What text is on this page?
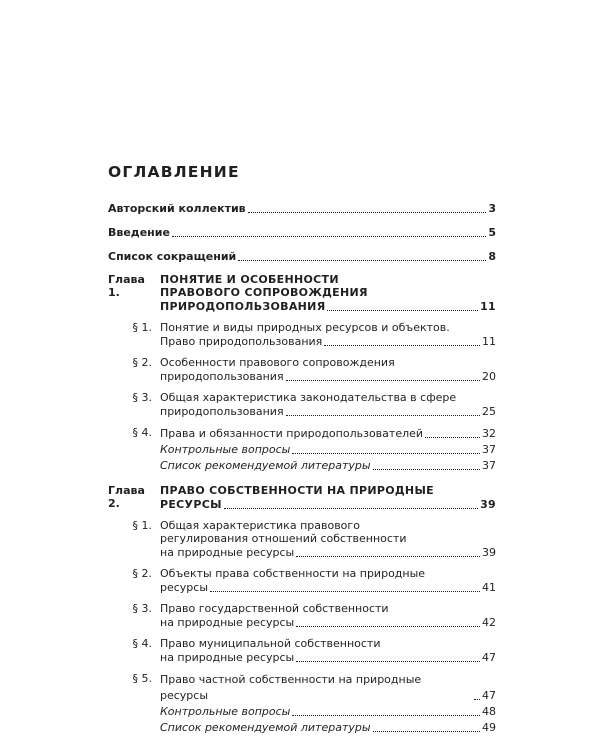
ОГЛАВЛЕНИЕ
Авторский коллектив	3
Введение	5
Список сокращений	8
Глава 1.
ПОНЯТИЕ И ОСОБЕННОСТИ
ПРАВОВОГО СОПРОВОЖДЕНИЯ
ПРИРОДОПОЛЬЗОВАНИЯ	11
§ 1. Понятие и виды природных ресурсов и объектов.
Право природопользования	11
§ 2. Особенности правового сопровождения
природопользования	20
§ 3. Общая характеристика законодательства в сфере
природопользования	25
§ 4. Права и обязанности природопользователей	32
Контрольные вопросы	37
Список рекомендуемой литературы	37
Глава 2.
ПРАВО СОБСТВЕННОСТИ НА ПРИРОДНЫЕ
РЕСУРСЫ	39
§ 1. Общая характеристика правового
регулирования отношений собственности
на природные ресурсы	39
§ 2. Объекты права собственности на природные
ресурсы	41
§ 3. Право государственной собственности
на природные ресурсы	42
§ 4. Право муниципальной собственности
на природные ресурсы	47
§ 5. Право частной собственности на природные ресурсы	47
Контрольные вопросы	48
Список рекомендуемой литературы	49
